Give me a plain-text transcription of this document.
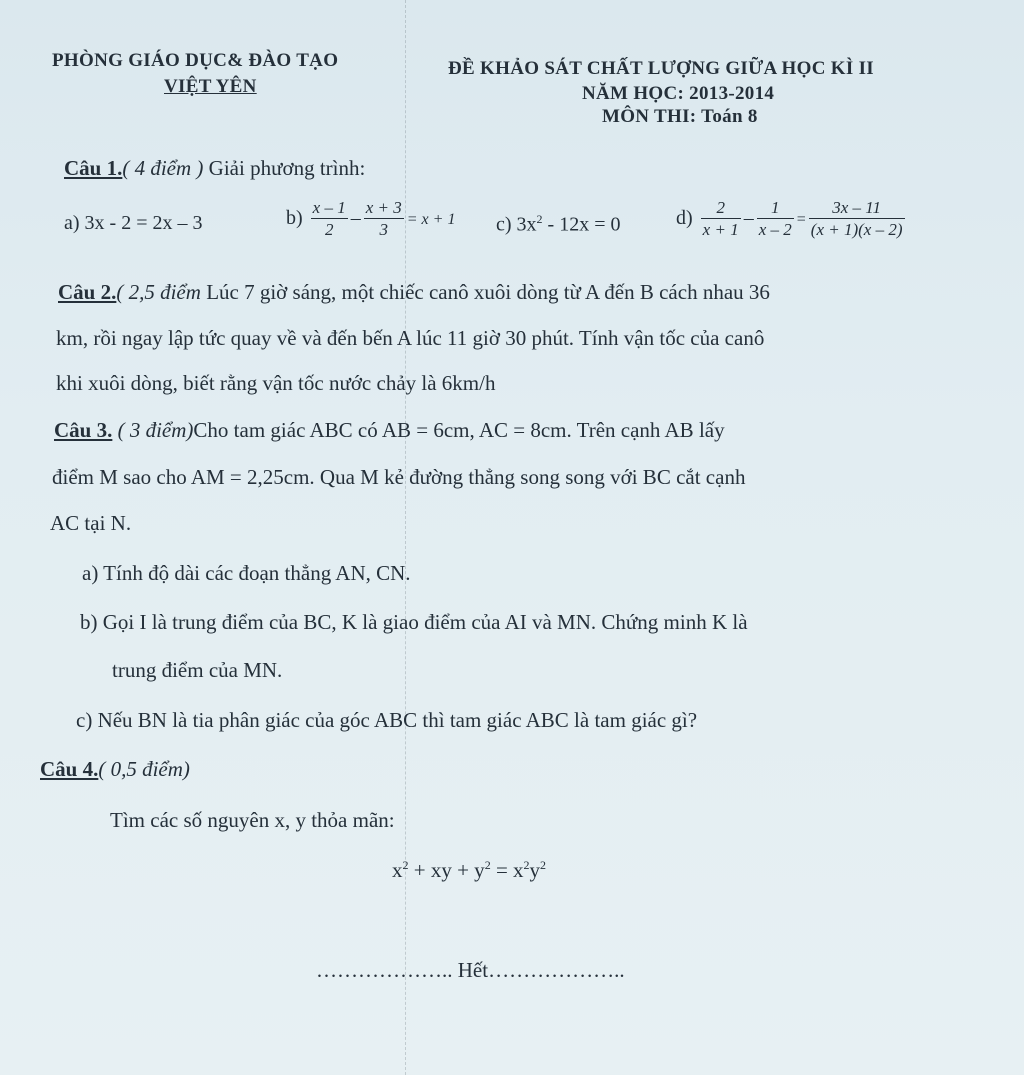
PHÒNG GIÁO DỤC& ĐÀO TẠO
VIỆT YÊN
ĐỀ KHẢO SÁT CHẤT LƯỢNG GIỮA HỌC KÌ II
NĂM HỌC: 2013-2014
MÔN THI: Toán 8
Câu 1.( 4 điểm ) Giải phương trình:
a) 3x - 2 = 2x – 3	$b) \frac{x - 1}{2} - \frac{x + 3}{3} = x + 1$ c) $3x^2 - 12x = 0$	$d) \frac{2}{x + 1} - \frac{1}{x - 2} = \frac{3x - 11}{(x + 1)(x - 2)}$
Câu 2.( 2,5 điểm Lúc 7 giờ sáng, một chiếc canô xuôi dòng từ A đến B cách nhau 36
km, rồi ngay lập tức quay về và đến bến A lúc 11 giờ 30 phút. Tính vận tốc của canô
khi xuôi dòng, biết rằng vận tốc nước chảy là 6km/h
Câu 3. ( 3 điểm)Cho tam giác ABC có AB = 6cm, AC = 8cm. Trên cạnh AB lấy
điểm M sao cho AM = 2,25cm. Qua M kẻ đường thẳng song song với BC cắt cạnh
AC tại N.
a) Tính độ dài các đoạn thẳng AN, CN.
b) Gọi I là trung điểm của BC, K là giao điểm của AI và MN. Chứng minh K là
trung điểm của MN.
c) Nếu BN là tia phân giác của góc ABC thì tam giác ABC là tam giác gì?
Câu 4.( 0,5 điểm)
Tìm các số nguyên x, y thỏa mãn:
$x^2$ + xy + $y^2 = x^2y^2$
……………….. Hết………………..
